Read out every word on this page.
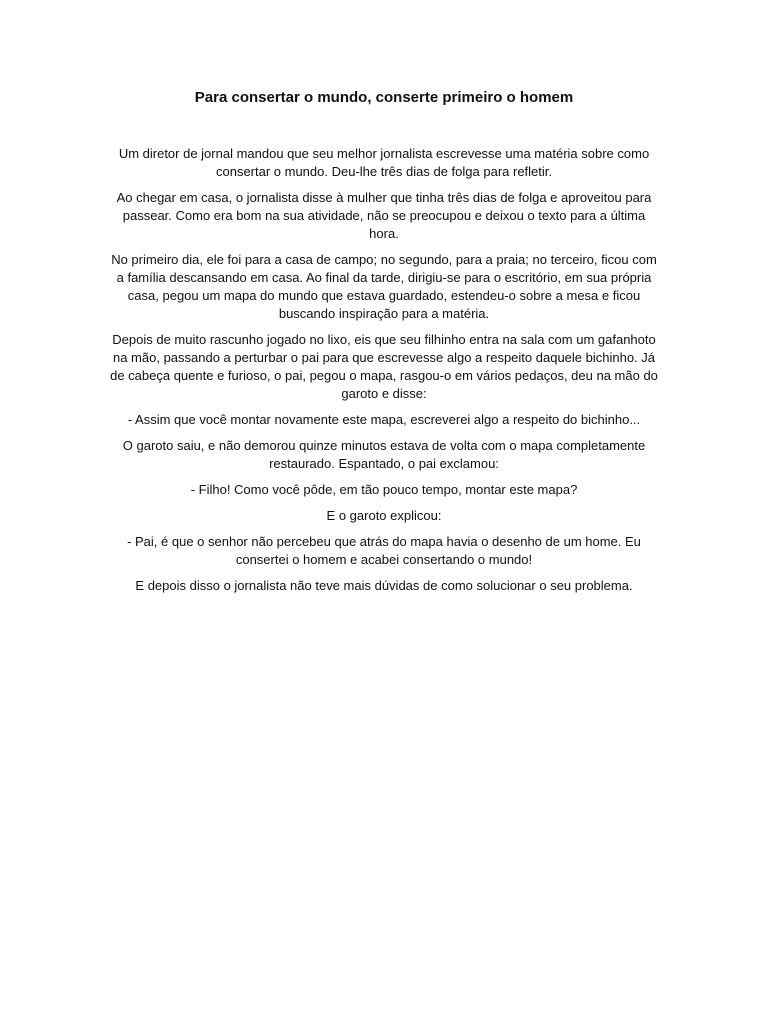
Para consertar o mundo, conserte primeiro o homem

Um diretor de jornal mandou que seu melhor jornalista escrevesse uma matéria sobre como consertar o mundo. Deu-lhe três dias de folga para refletir.

Ao chegar em casa, o jornalista disse à mulher que tinha três dias de folga e aproveitou para passear. Como era bom na sua atividade, não se preocupou e deixou o texto para a última hora.

No primeiro dia, ele foi para a casa de campo; no segundo, para a praia; no terceiro, ficou com a família descansando em casa. Ao final da tarde, dirigiu-se para o escritório, em sua própria casa, pegou um mapa do mundo que estava guardado, estendeu-o sobre a mesa e ficou buscando inspiração para a matéria.

Depois de muito rascunho jogado no lixo, eis que seu filhinho entra na sala com um gafanhoto na mão, passando a perturbar o pai para que escrevesse algo a respeito daquele bichinho. Já de cabeça quente e furioso, o pai, pegou o mapa, rasgou-o em vários pedaços, deu na mão do garoto e disse:

- Assim que você montar novamente este mapa, escreverei algo a respeito do bichinho...

O garoto saiu, e não demorou quinze minutos estava de volta com o mapa completamente restaurado. Espantado, o pai exclamou:

- Filho! Como você pôde, em tão pouco tempo, montar este mapa?

E o garoto explicou:

- Pai, é que o senhor não percebeu que atrás do mapa havia o desenho de um home. Eu consertei o homem e acabei consertando o mundo!

E depois disso o jornalista não teve mais dúvidas de como solucionar o seu problema.
